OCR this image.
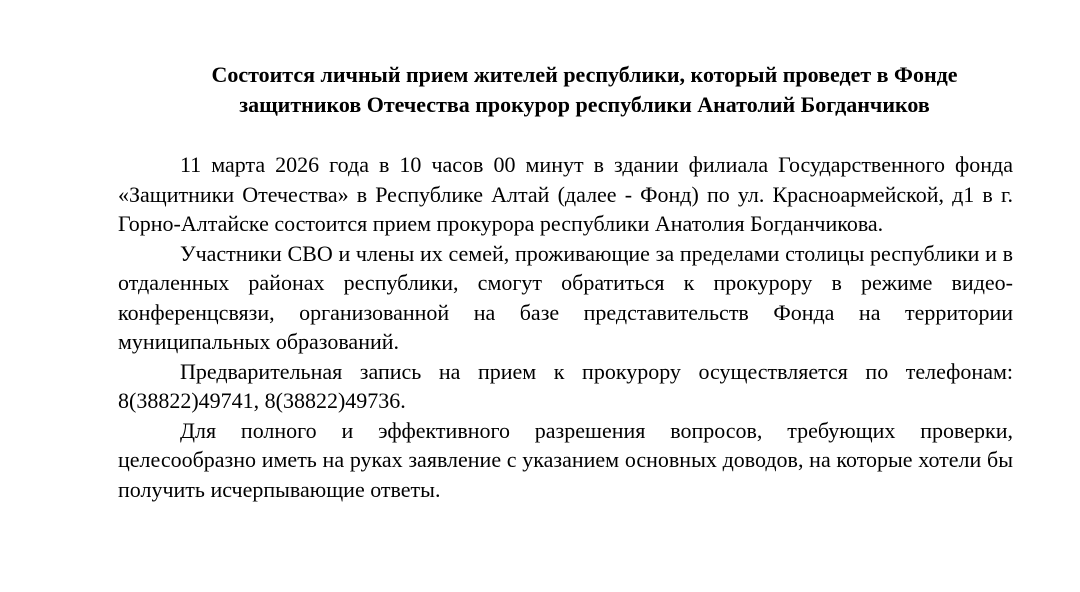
Состоится личный прием жителей республики, который проведет в Фонде защитников Отечества прокурор республики Анатолий Богданчиков

11 марта 2026 года в 10 часов 00 минут в здании филиала Государственного фонда «Защитники Отечества» в Республике Алтай (далее - Фонд) по ул. Красноармейской, д1 в г. Горно-Алтайске состоится прием прокурора республики Анатолия Богданчикова.

Участники СВО и члены их семей, проживающие за пределами столицы республики и в отдаленных районах республики, смогут обратиться к прокурору в режиме видео-конференцсвязи, организованной на базе представительств Фонда на территории муниципальных образований.

Предварительная запись на прием к прокурору осуществляется по телефонам: 8(38822)49741, 8(38822)49736.

Для полного и эффективного разрешения вопросов, требующих проверки, целесообразно иметь на руках заявление с указанием основных доводов, на которые хотели бы получить исчерпывающие ответы.
